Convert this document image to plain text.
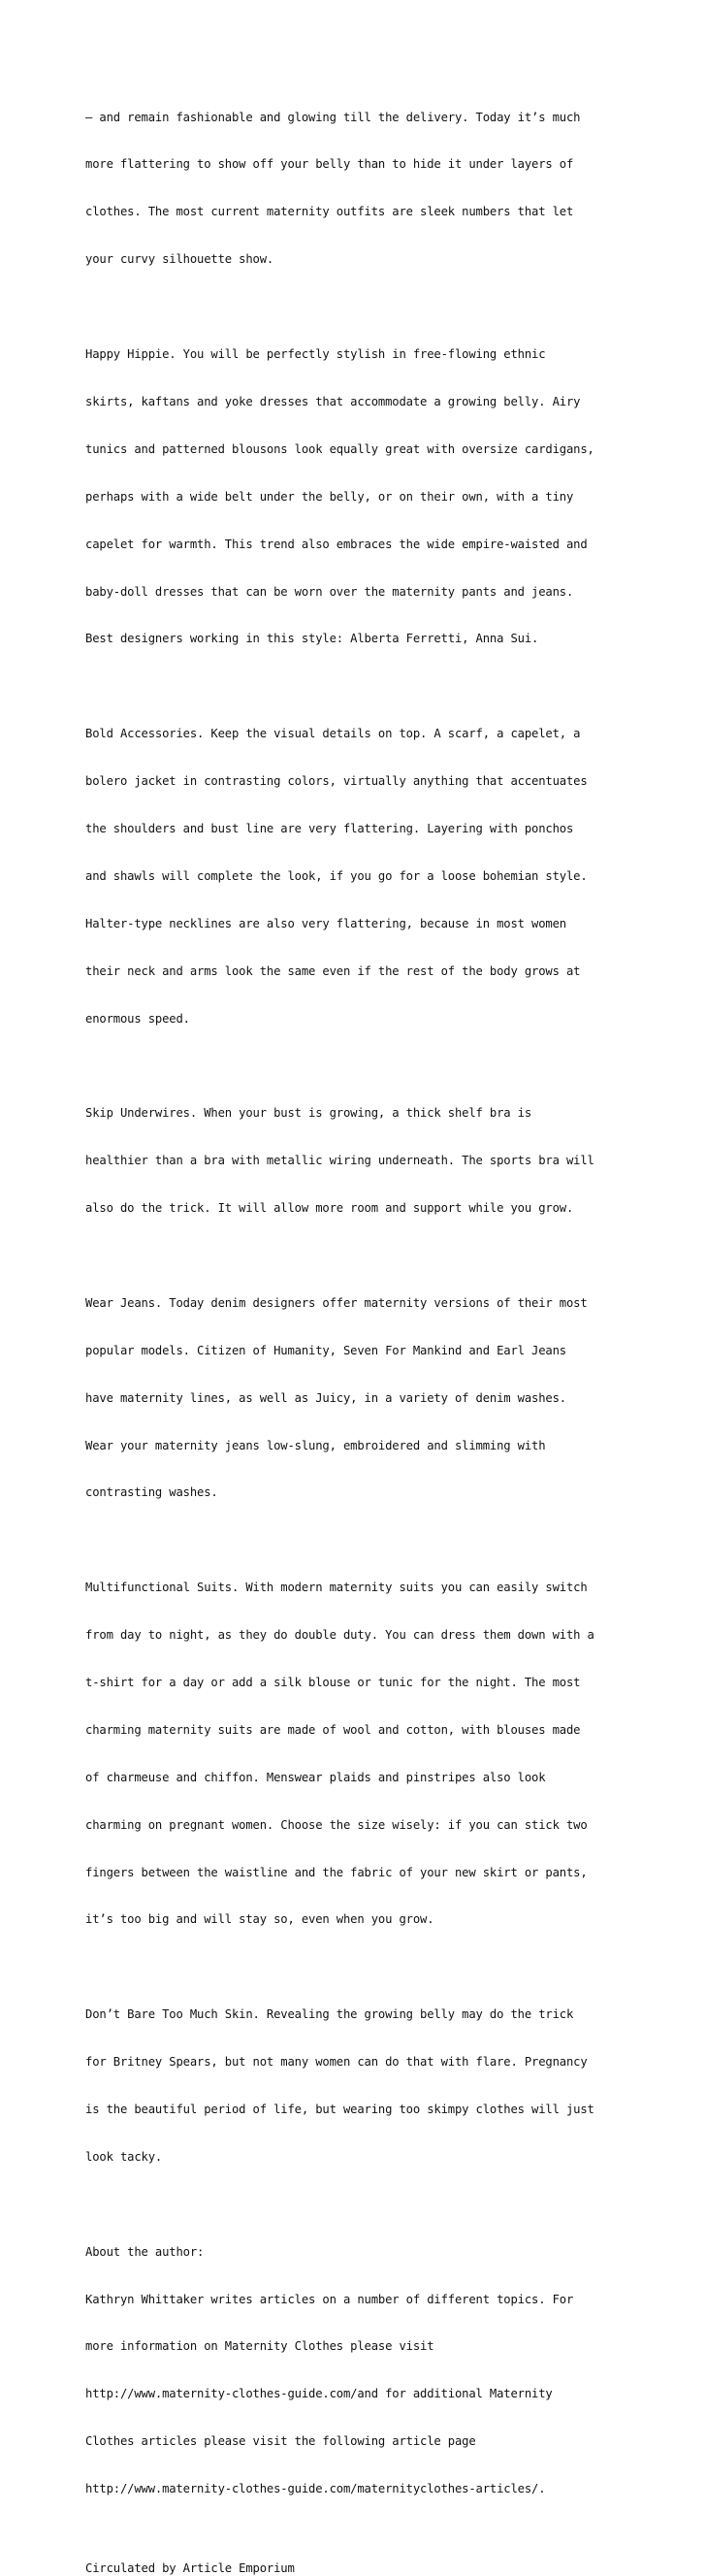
– and remain fashionable and glowing till the delivery. Today it’s much

more flattering to show off your belly than to hide it under layers of

clothes. The most current maternity outfits are sleek numbers that let

your curvy silhouette show.

Happy Hippie. You will be perfectly stylish in free-flowing ethnic

skirts, kaftans and yoke dresses that accommodate a growing belly. Airy

tunics and patterned blousons look equally great with oversize cardigans,

perhaps with a wide belt under the belly, or on their own, with a tiny

capelet for warmth. This trend also embraces the wide empire-waisted and

baby-doll dresses that can be worn over the maternity pants and jeans.

Best designers working in this style: Alberta Ferretti, Anna Sui.

Bold Accessories. Keep the visual details on top. A scarf, a capelet, a

bolero jacket in contrasting colors, virtually anything that accentuates

the shoulders and bust line are very flattering. Layering with ponchos

and shawls will complete the look, if you go for a loose bohemian style.

Halter-type necklines are also very flattering, because in most women

their neck and arms look the same even if the rest of the body grows at

enormous speed.

Skip Underwires. When your bust is growing, a thick shelf bra is

healthier than a bra with metallic wiring underneath. The sports bra will

also do the trick. It will allow more room and support while you grow.

Wear Jeans. Today denim designers offer maternity versions of their most

popular models. Citizen of Humanity, Seven For Mankind and Earl Jeans

have maternity lines, as well as Juicy, in a variety of denim washes.

Wear your maternity jeans low-slung, embroidered and slimming with

contrasting washes.

Multifunctional Suits. With modern maternity suits you can easily switch

from day to night, as they do double duty. You can dress them down with a

t-shirt for a day or add a silk blouse or tunic for the night. The most

charming maternity suits are made of wool and cotton, with blouses made

of charmeuse and chiffon. Menswear plaids and pinstripes also look

charming on pregnant women. Choose the size wisely: if you can stick two

fingers between the waistline and the fabric of your new skirt or pants,

it’s too big and will stay so, even when you grow.

Don’t Bare Too Much Skin. Revealing the growing belly may do the trick

for Britney Spears, but not many women can do that with flare. Pregnancy

is the beautiful period of life, but wearing too skimpy clothes will just

look tacky.

About the author:

Kathryn Whittaker writes articles on a number of different topics. For

more information on Maternity Clothes please visit

http://www.maternity-clothes-guide.com/and for additional Maternity

Clothes articles please visit the following article page

http://www.maternity-clothes-guide.com/maternityclothes-articles/.

Circulated by Article Emporium
